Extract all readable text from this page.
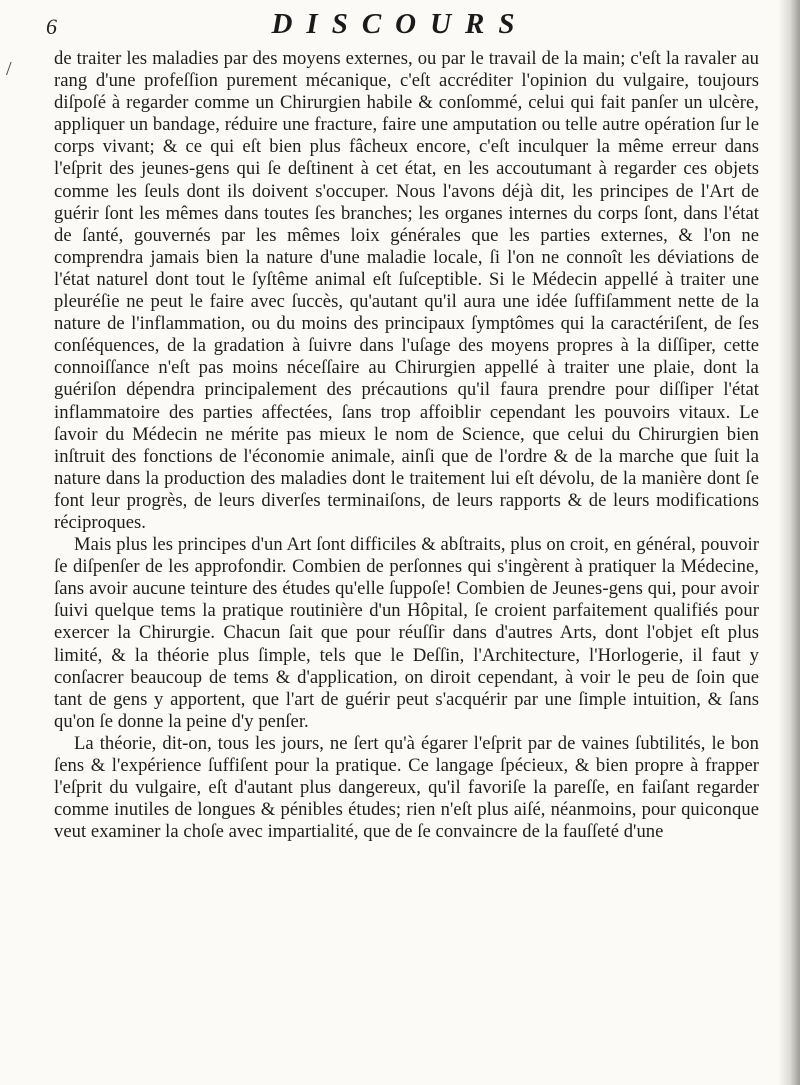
6	DISCOURS
/ de traiter les maladies par des moyens externes, ou par le travail de la main; c'eſt la ravaler au rang d'une profeſſion purement mécanique, c'eſt accréditer l'opinion du vulgaire, toujours diſpoſé à regarder comme un Chirurgien habile & conſommé, celui qui fait panſer un ulcère, appliquer un bandage, réduire une fracture, faire une amputation ou telle autre opération ſur le corps vivant; & ce qui eſt bien plus fâcheux encore, c'eſt inculquer la même erreur dans l'eſprit des jeunes-gens qui ſe deſtinent à cet état, en les accoutumant à regarder ces objets comme les ſeuls dont ils doivent s'occuper. Nous l'avons déjà dit, les principes de l'Art de guérir ſont les mêmes dans toutes ſes branches; les organes internes du corps ſont, dans l'état de ſanté, gouvernés par les mêmes loix générales que les parties externes, & l'on ne comprendra jamais bien la nature d'une maladie locale, ſi l'on ne connoît les déviations de l'état naturel dont tout le ſyſtême animal eſt ſuſceptible. Si le Médecin appellé à traiter une pleuréſie ne peut le faire avec ſuccès, qu'autant qu'il aura une idée ſuffiſamment nette de la nature de l'inflammation, ou du moins des principaux ſymptômes qui la caractériſent, de ſes conſéquences, de la gradation à ſuivre dans l'uſage des moyens propres à la diſſiper, cette connoiſſance n'eſt pas moins néceſſaire au Chirurgien appellé à traiter une plaie, dont la guériſon dépendra principalement des précautions qu'il faura prendre pour diſſiper l'état inflammatoire des parties affectées, ſans trop affoiblir cependant les pouvoirs vitaux. Le ſavoir du Médecin ne mérite pas mieux le nom de Science, que celui du Chirurgien bien inſtruit des fonctions de l'économie animale, ainſi que de l'ordre & de la marche que ſuit la nature dans la production des maladies dont le traitement lui eſt dévolu, de la manière dont ſe font leur progrès, de leurs diverſes terminaiſons, de leurs rapports & de leurs modifications réciproques.

Mais plus les principes d'un Art ſont difficiles & abſtraits, plus on croit, en général, pouvoir ſe diſpenſer de les approfondir. Combien de perſonnes qui s'ingèrent à pratiquer la Médecine, ſans avoir aucune teinture des études qu'elle ſuppoſe! Combien de Jeunes-gens qui, pour avoir ſuivi quelque tems la pratique routinière d'un Hôpital, ſe croient parfaitement qualifiés pour exercer la Chirurgie. Chacun ſait que pour réuſſir dans d'autres Arts, dont l'objet eſt plus limité, & la théorie plus ſimple, tels que le Deſſin, l'Architecture, l'Horlogerie, il faut y conſacrer beaucoup de tems & d'application, on diroit cependant, à voir le peu de ſoin que tant de gens y apportent, que l'art de guérir peut s'acquérir par une ſimple intuition, & ſans qu'on ſe donne la peine d'y penſer.

La théorie, dit-on, tous les jours, ne ſert qu'à égarer l'eſprit par de vaines ſubtilités, le bon ſens & l'expérience ſuffiſent pour la pratique. Ce langage ſpécieux, & bien propre à frapper l'eſprit du vulgaire, eſt d'autant plus dangereux, qu'il favoriſe la pareſſe, en faiſant regarder comme inutiles de longues & pénibles études; rien n'eſt plus aiſé, néanmoins, pour quiconque veut examiner la choſe avec impartialité, que de ſe convaincre de la fauſſeté d'une
